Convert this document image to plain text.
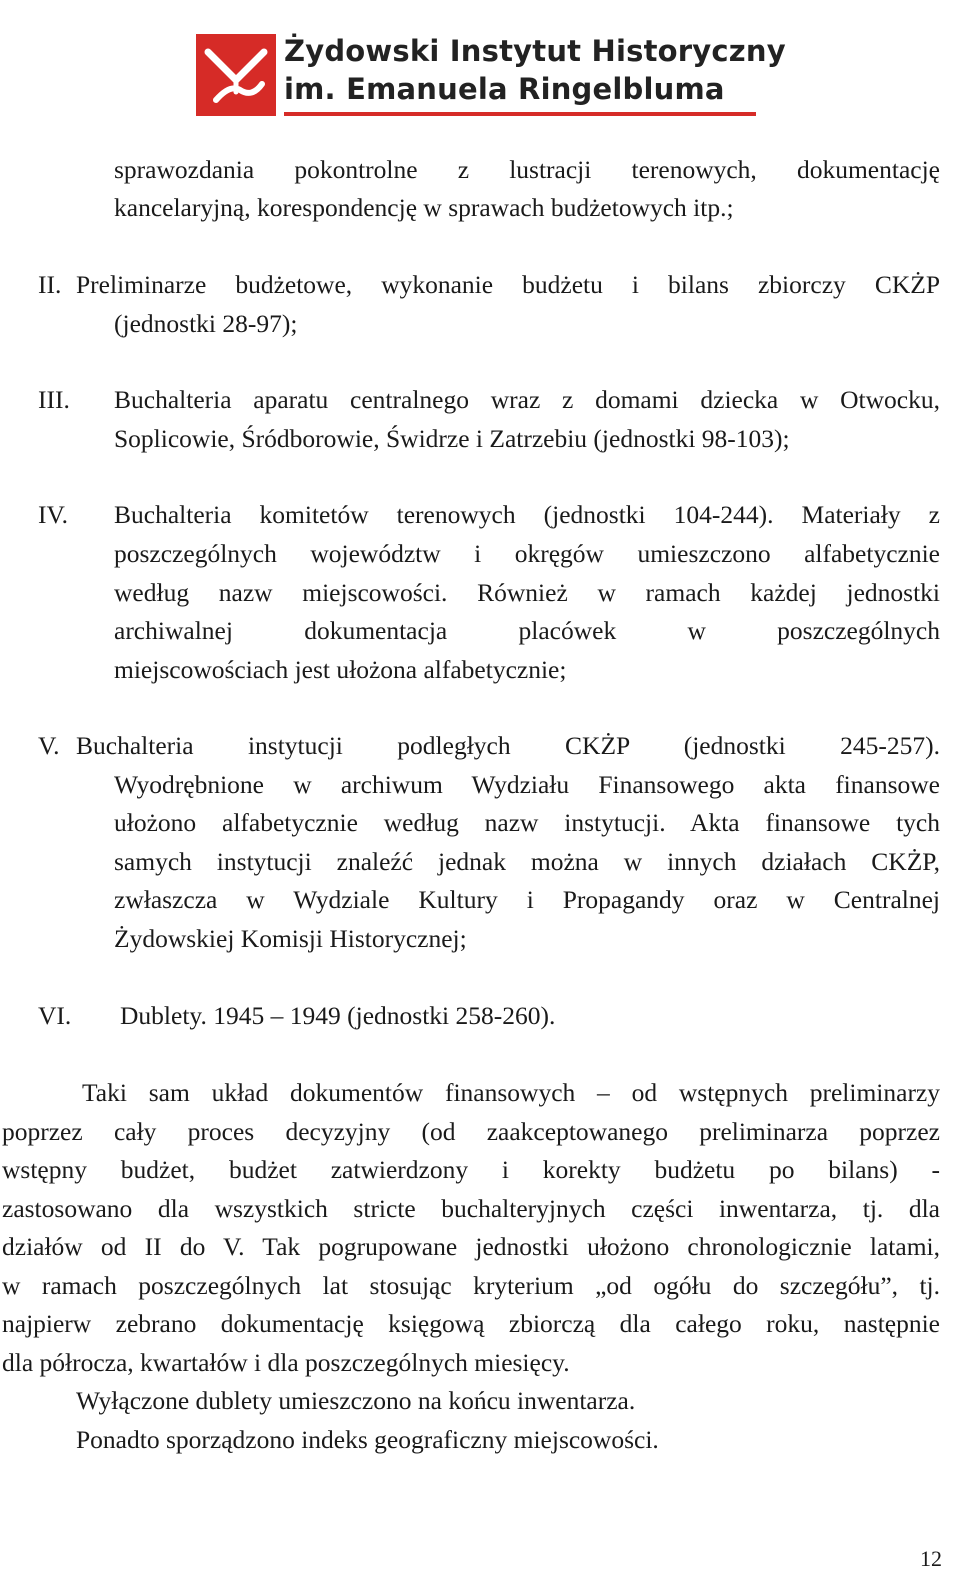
Żydowski Instytut Historyczny
im. Emanuela Ringelbluma
sprawozdania pokontrolne z lustracji terenowych, dokumentację
kancelaryjną, korespondencję w sprawach budżetowych itp.;
II. Preliminarze budżetowe, wykonanie budżetu i bilans zbiorczy CKŻP
(jednostki 28-97);
III. Buchalteria aparatu centralnego wraz z domami dziecka w Otwocku,
Soplicowie, Śródborowie, Świdrze i Zatrzebiu (jednostki 98-103);
IV. Buchalteria komitetów terenowych (jednostki 104-244). Materiały z
poszczególnych województw i okręgów umieszczono alfabetycznie
według nazw miejscowości. Również w ramach każdej jednostki
archiwalnej dokumentacja placówek w poszczególnych
miejscowościach jest ułożona alfabetycznie;
V. Buchalteria instytucji podległych CKŻP (jednostki 245-257).
Wyodrębnione w archiwum Wydziału Finansowego akta finansowe
ułożono alfabetycznie według nazw instytucji. Akta finansowe tych
samych instytucji znaleźć jednak można w innych działach CKŻP,
zwłaszcza w Wydziale Kultury i Propagandy oraz w Centralnej
Żydowskiej Komisji Historycznej;
VI. Dublety. 1945 – 1949 (jednostki 258-260).
Taki sam układ dokumentów finansowych – od wstępnych preliminarzy
poprzez cały proces decyzyjny (od zaakceptowanego preliminarza poprzez
wstępny budżet, budżet zatwierdzony i korekty budżetu po bilans) -
zastosowano dla wszystkich stricte buchalteryjnych części inwentarza, tj. dla
działów od II do V. Tak pogrupowane jednostki ułożono chronologicznie latami,
w ramach poszczególnych lat stosując kryterium „od ogółu do szczegółu”, tj.
najpierw zebrano dokumentację księgową zbiorczą dla całego roku, następnie
dla półrocza, kwartałów i dla poszczególnych miesięcy.
Wyłączone dublety umieszczono na końcu inwentarza.
Ponadto sporządzono indeks geograficzny miejscowości.
12
